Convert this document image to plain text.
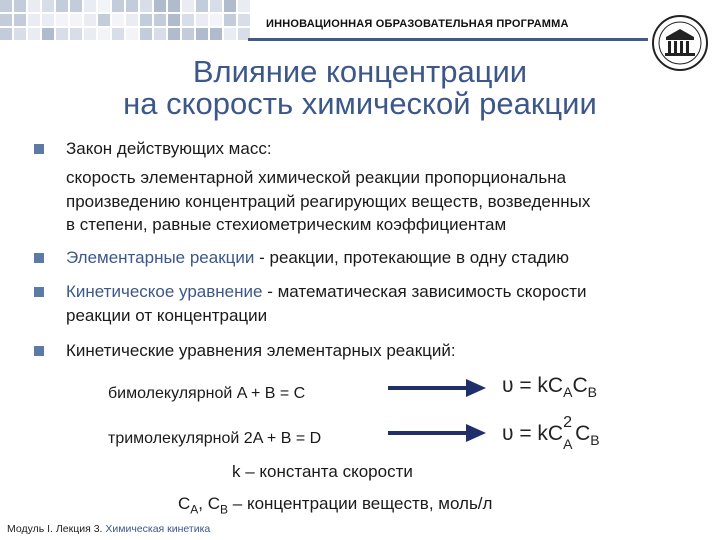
ИННОВАЦИОННАЯ ОБРАЗОВАТЕЛЬНАЯ ПРОГРАММА
Влияние концентрации
на скорость химической реакции
Закон действующих масс:
скорость элементарной химической реакции пропорциональна
произведению концентраций реагирующих веществ, возведенных
в степени, равные стехиометрическим коэффициентам
Элементарные реакции - реакции, протекающие в одну стадию
Кинетическое уравнение - математическая зависимость скорости
реакции от концентрации
Кинетические уравнения элементарных реакций:
бимолекулярной A + B = C	$\upsilon = kC_AC_B$
тримолекулярной 2A + B = D	υ = kC 2
A $C_B$
k – константа скорости
$C_A$, $C_B$ – концентрации веществ, моль/л
Модуль I. Лекция 3. Химическая кинетика
